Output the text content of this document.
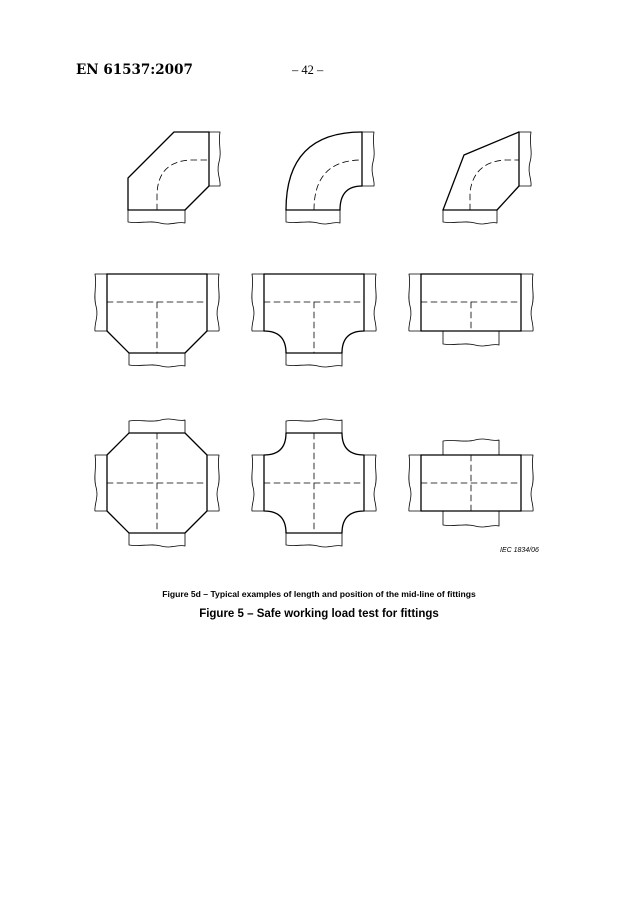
EN 61537:2007	– 42 –
IEC 1834/06
Figure 5d – Typical examples of length and position of the mid-line of fittings
Figure 5 – Safe working load test for fittings
